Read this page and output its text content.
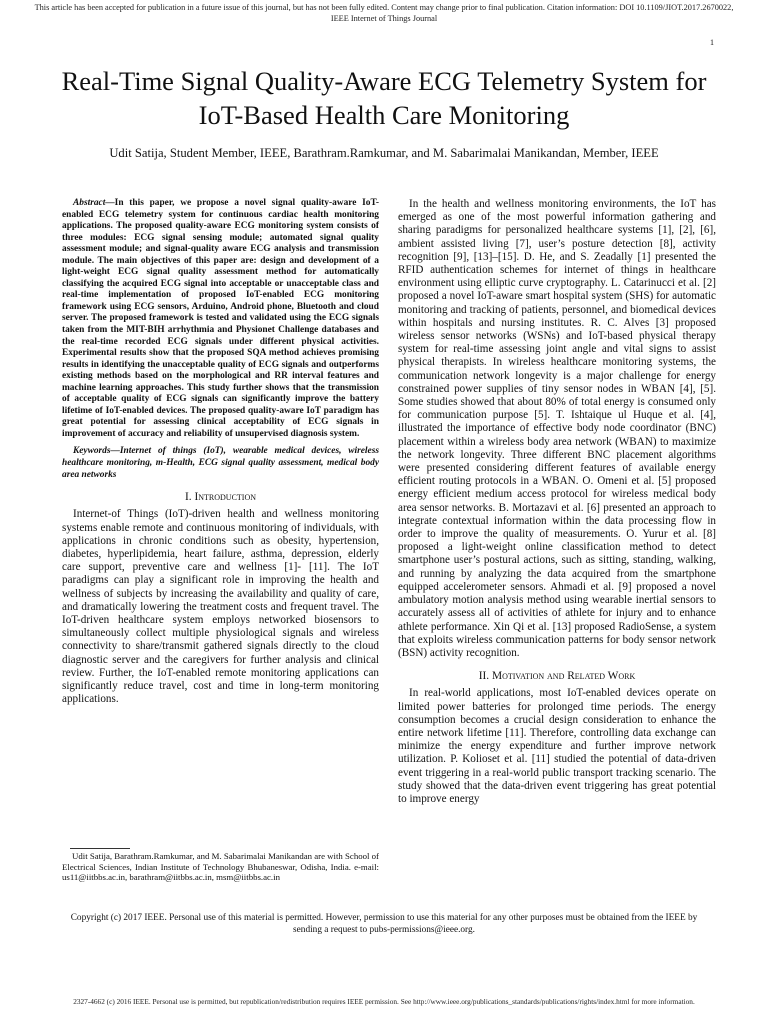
This article has been accepted for publication in a future issue of this journal, but has not been fully edited. Content may change prior to final publication. Citation information: DOI 10.1109/JIOT.2017.2670022, IEEE Internet of Things Journal
1
Real-Time Signal Quality-Aware ECG Telemetry System for IoT-Based Health Care Monitoring
Udit Satija, Student Member, IEEE, Barathram.Ramkumar, and M. Sabarimalai Manikandan, Member, IEEE

Abstract—In this paper, we propose a novel signal quality-aware IoT-enabled ECG telemetry system for continuous cardiac health monitoring applications. The proposed quality-aware ECG monitoring system consists of three modules: ECG signal sensing module; automated signal quality assessment module; and signal-quality aware ECG analysis and transmission module. The main objectives of this paper are: design and development of a light-weight ECG signal quality assessment method for automatically classifying the acquired ECG signal into acceptable or unacceptable class and real-time implementation of proposed IoT-enabled ECG monitoring framework using ECG sensors, Arduino, Android phone, Bluetooth and cloud server. The proposed framework is tested and validated using the ECG signals taken from the MIT-BIH arrhythmia and Physionet Challenge databases and the real-time recorded ECG signals under different physical activities. Experimental results show that the proposed SQA method achieves promising results in identifying the unacceptable quality of ECG signals and outperforms existing methods based on the morphological and RR interval features and machine learning approaches. This study further shows that the transmission of acceptable quality of ECG signals can significantly improve the battery lifetime of IoT-enabled devices. The proposed quality-aware IoT paradigm has great potential for assessing clinical acceptability of ECG signals in improvement of accuracy and reliability of unsupervised diagnosis system.

Keywords—Internet of things (IoT), wearable medical devices, wireless healthcare monitoring, m-Health, ECG signal quality assessment, medical body area networks

I. Introduction

Internet-of Things (IoT)-driven health and wellness monitoring systems enable remote and continuous monitoring of individuals, with applications in chronic conditions such as obesity, hypertension, diabetes, hyperlipidemia, heart failure, asthma, depression, elderly care support, preventive care and wellness [1]- [11]. The IoT paradigms can play a significant role in improving the health and wellness of subjects by increasing the availability and quality of care, and dramatically lowering the treatment costs and frequent travel. The IoT-driven healthcare system employs networked biosensors to simultaneously collect multiple physiological signals and wireless connectivity to share/transmit gathered signals directly to the cloud diagnostic server and the caregivers for further analysis and clinical review. Further, the IoT-enabled remote monitoring applications can significantly reduce travel, cost and time in long-term monitoring applications.

Udit Satija, Barathram.Ramkumar, and M. Sabarimalai Manikandan are with School of Electrical Sciences, Indian Institute of Technology Bhubaneswar, Odisha, India. e-mail: us11@iitbbs.ac.in, barathram@iitbbs.ac.in, msm@iitbbs.ac.in

In the health and wellness monitoring environments, the IoT has emerged as one of the most powerful information gathering and sharing paradigms for personalized healthcare systems [1], [2], [6], ambient assisted living [7], user’s posture detection [8], activity recognition [9], [13]–[15]. D. He, and S. Zeadally [1] presented the RFID authentication schemes for internet of things in healthcare environment using elliptic curve cryptography. L. Catarinucci et al. [2] proposed a novel IoT-aware smart hospital system (SHS) for automatic monitoring and tracking of patients, personnel, and biomedical devices within hospitals and nursing institutes. R. C. Alves [3] proposed wireless sensor networks (WSNs) and IoT-based physical therapy system for real-time assessing joint angle and vital signs to assist physical therapists. In wireless healthcare monitoring systems, the communication network longevity is a major challenge for energy constrained power supplies of tiny sensor nodes in WBAN [4], [5]. Some studies showed that about 80% of total energy is consumed only for communication purpose [5]. T. Ishtaique ul Huque et al. [4], illustrated the importance of effective body node coordinator (BNC) placement within a wireless body area network (WBAN) to maximize the network longevity. Three different BNC placement algorithms were presented considering different features of available energy efficient routing protocols in a WBAN. O. Omeni et al. [5] proposed energy efficient medium access protocol for wireless medical body area sensor networks. B. Mortazavi et al. [6] presented an approach to integrate contextual information within the data processing flow in order to improve the quality of measurements. O. Yurur et al. [8] proposed a light-weight online classification method to detect smartphone user’s postural actions, such as sitting, standing, walking, and running by analyzing the data acquired from the smartphone equipped accelerometer sensors. Ahmadi et al. [9] proposed a novel ambulatory motion analysis method using wearable inertial sensors to accurately assess all of activities of athlete for injury and to enhance athlete performance. Xin Qi et al. [13] proposed RadioSense, a system that exploits wireless communication patterns for body sensor network (BSN) activity recognition.

II. Motivation and Related Work

In real-world applications, most IoT-enabled devices operate on limited power batteries for prolonged time periods. The energy consumption becomes a crucial design consideration to enhance the entire network lifetime [11]. Therefore, controlling data exchange can minimize the energy expenditure and further improve network utilization. P. Kolioset et al. [11] studied the potential of data-driven event triggering in a real-world public transport tracking scenario. The study showed that the data-driven event triggering has great potential to improve energy

Copyright (c) 2017 IEEE. Personal use of this material is permitted. However, permission to use this material for any other purposes must be obtained from the IEEE by sending a request to pubs-permissions@ieee.org.
2327-4662 (c) 2016 IEEE. Personal use is permitted, but republication/redistribution requires IEEE permission. See http://www.ieee.org/publications_standards/publications/rights/index.html for more information.
